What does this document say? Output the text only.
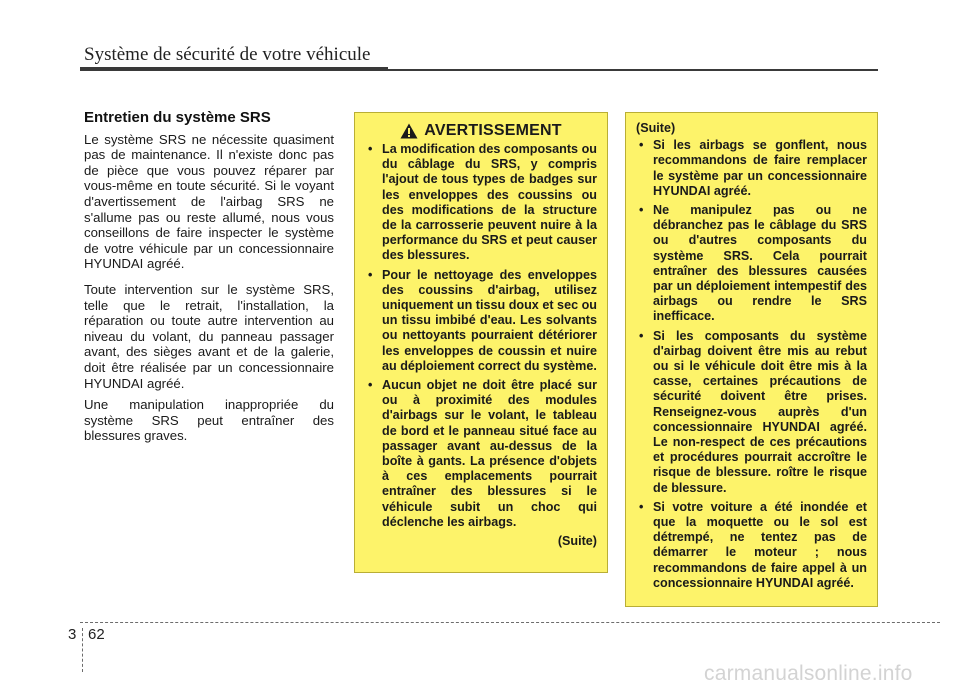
Système de sécurité de votre véhicule
Entretien du système SRS

Le système SRS ne nécessite quasiment pas de maintenance. Il n'existe donc pas de pièce que vous pouvez réparer par vous-même en toute sécurité. Si le voyant d'avertissement de l'airbag SRS ne s'allume pas ou reste allumé, nous vous conseillons de faire inspecter le système de votre véhicule par un concessionnaire HYUNDAI agréé.

Toute intervention sur le système SRS, telle que le retrait, l'installation, la réparation ou toute autre intervention au niveau du volant, du panneau passager avant, des sièges avant et de la galerie, doit être réalisée par un concessionnaire HYUNDAI agréé.

Une manipulation inappropriée du système SRS peut entraîner des blessures graves.

AVERTISSEMENT
• La modification des composants ou du câblage du SRS, y compris l'ajout de tous types de badges sur les enveloppes des coussins ou des modifications de la structure de la carrosserie peuvent nuire à la performance du SRS et peut causer des blessures.
• Pour le nettoyage des enveloppes des coussins d'airbag, utilisez uniquement un tissu doux et sec ou un tissu imbibé d'eau. Les solvants ou nettoyants pourraient détériorer les enveloppes de coussin et nuire au déploiement correct du système.
• Aucun objet ne doit être placé sur ou à proximité des modules d'airbags sur le volant, le tableau de bord et le panneau situé face au passager avant au-dessus de la boîte à gants. La présence d'objets à ces emplacements pourrait entraîner des blessures si le véhicule subit un choc qui déclenche les airbags.
(Suite)
(Suite)
• Si les airbags se gonflent, nous recommandons de faire remplacer le système par un concessionnaire HYUNDAI agréé.
• Ne manipulez pas ou ne débranchez pas le câblage du SRS ou d'autres composants du système SRS. Cela pourrait entraîner des blessures causées par un déploiement intempestif des airbags ou rendre le SRS inefficace.
• Si les composants du système d'airbag doivent être mis au rebut ou si le véhicule doit être mis à la casse, certaines précautions de sécurité doivent être prises. Renseignez-vous auprès d'un concessionnaire HYUNDAI agréé. Le non-respect de ces précautions et procédures pourrait accroître le risque de blessure. roître le risque de blessure.
• Si votre voiture a été inondée et que la moquette ou le sol est détrempé, ne tentez pas de démarrer le moteur ; nous recommandons de faire appel à un concessionnaire HYUNDAI agréé.
3 62
carmanualsonline.info
